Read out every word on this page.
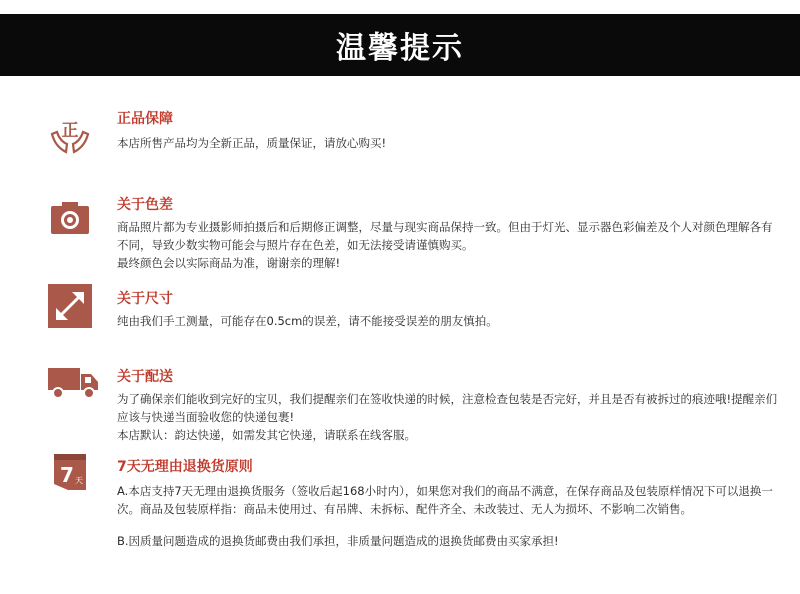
温馨提示
正
正品保障

本店所售产品均为全新正品，质量保证，请放心购买!

关于色差

商品照片都为专业摄影师拍摄后和后期修正调整，尽量与现实商品保持一致。但由于灯光、显示器色彩偏差及个人对颜色理解各有不同，导致少数实物可能会与照片存在色差，如无法接受请谨慎购买。

最终颜色会以实际商品为准，谢谢亲的理解!

关于尺寸

纯由我们手工测量，可能存在0.5cm的误差，请不能接受误差的朋友慎拍。

关于配送

为了确保亲们能收到完好的宝贝，我们提醒亲们在签收快递的时候，注意检查包装是否完好，并且是否有被拆过的痕迹哦!提醒亲们应该与快递当面验收您的快递包裹!

本店默认：韵达快递，如需发其它快递，请联系在线客服。

7 天
7天无理由退换货原则

A.本店支持7天无理由退换货服务（签收后起168小时内），如果您对我们的商品不满意，在保存商品及包装原样情况下可以退换一次。商品及包装原样指：商品未使用过、有吊牌、未拆标、配件齐全、未改装过、无人为损坏、不影响二次销售。

B.因质量问题造成的退换货邮费由我们承担，非质量问题造成的退换货邮费由买家承担!
